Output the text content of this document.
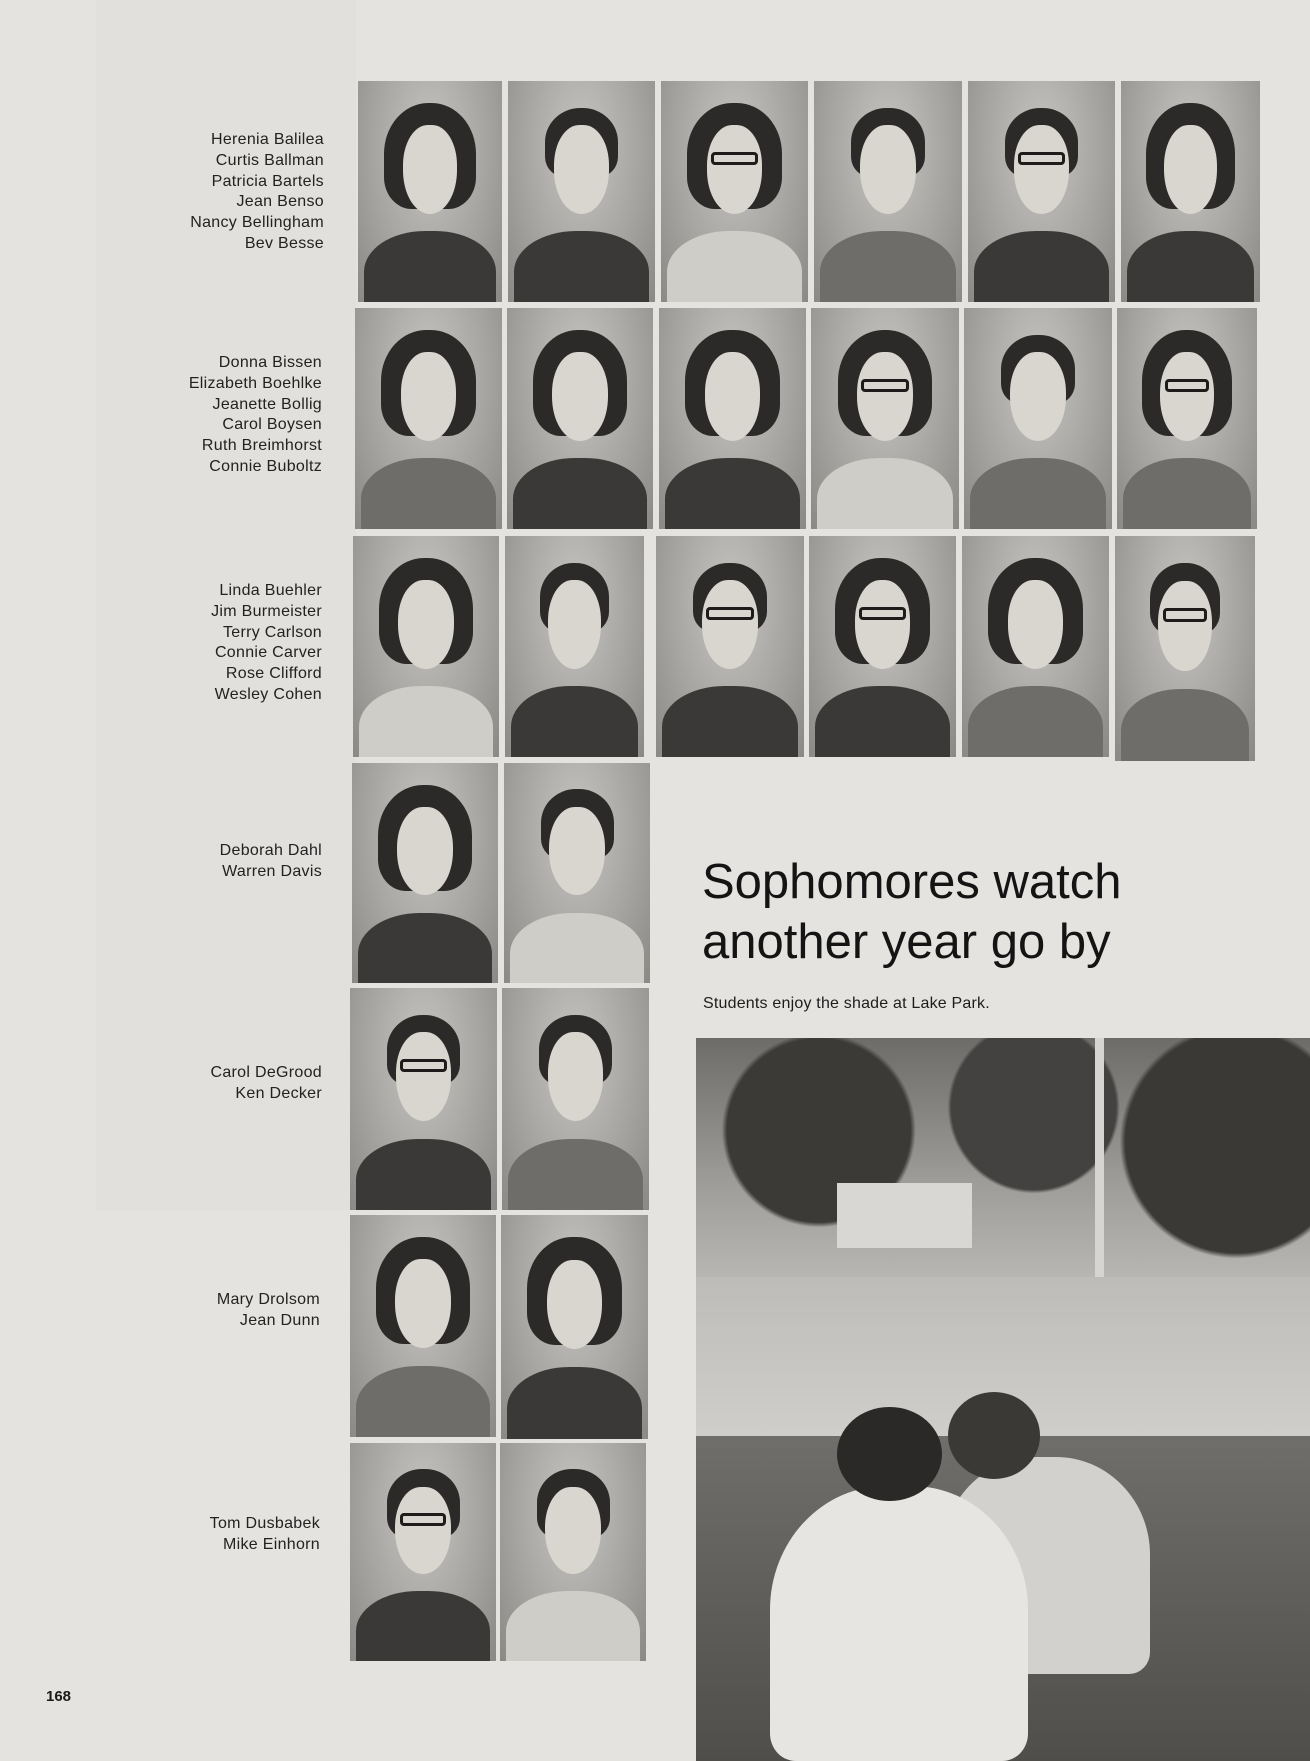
Herenia Balilea
Curtis Ballman
Patricia Bartels
Jean Benso
Nancy Bellingham
Bev Besse
Donna Bissen
Elizabeth Boehlke
Jeanette Bollig
Carol Boysen
Ruth Breimhorst
Connie Buboltz
Linda Buehler
Jim Burmeister
Terry Carlson
Connie Carver
Rose Clifford
Wesley Cohen
Deborah Dahl
Warren Davis
Carol DeGrood
Ken Decker
Mary Drolsom
Jean Dunn
Tom Dusbabek
Mike Einhorn
Sophomores watch
another year go by
Students enjoy the shade at Lake Park.
168
